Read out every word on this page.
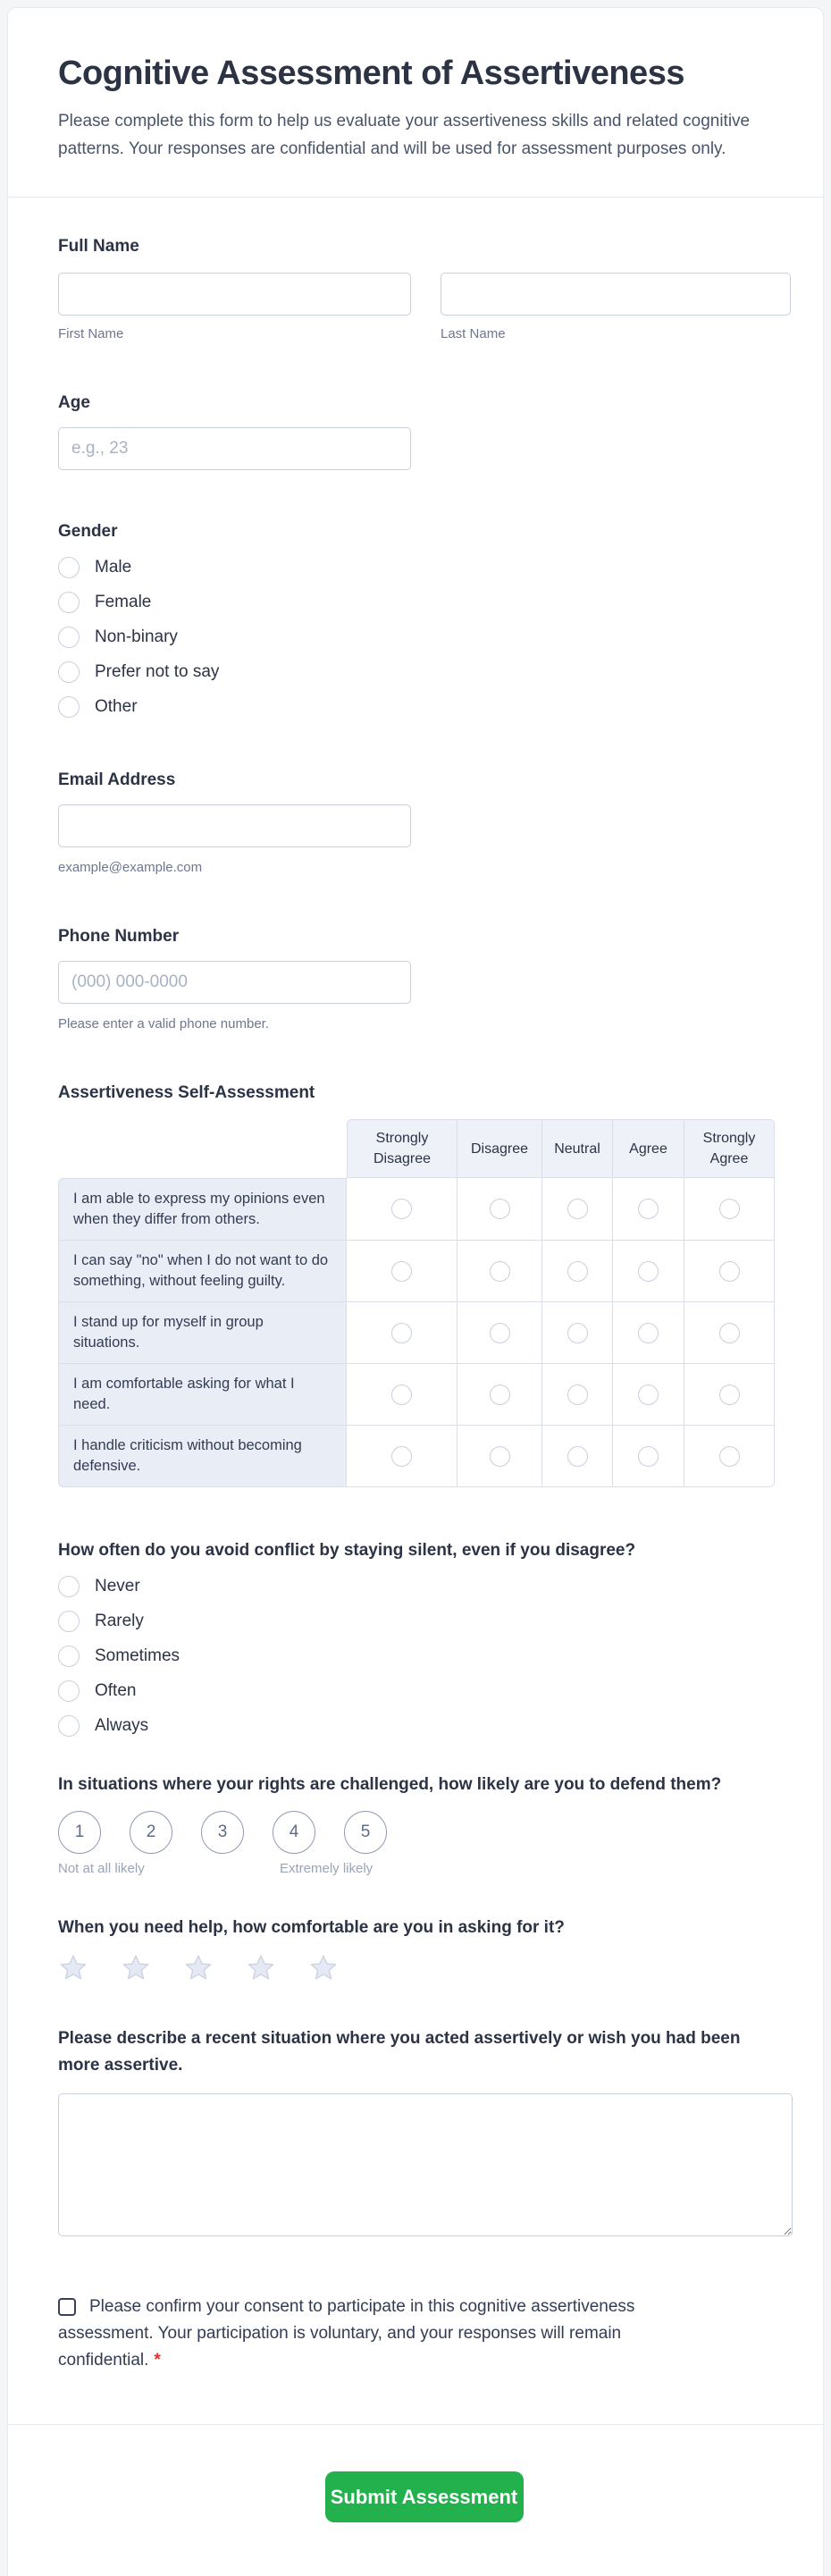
Cognitive Assessment of Assertiveness

Please complete this form to help us evaluate your assertiveness skills and related cognitive patterns. Your responses are confidential and will be used for assessment purposes only.

Full Name
First Name	Last Name
Age
e.g., 23
Gender
Male
Female
Non-binary
Prefer not to say
Other
Email Address
example@example.com
Phone Number
(000) 000-0000
Please enter a valid phone number.
Assertiveness Self-Assessment
	Strongly Disagree	Disagree	Neutral	Agree	Strongly Agree
I am able to express my opinions even when they differ from others.					
I can say "no" when I do not want to do something, without feeling guilty.					
I stand up for myself in group situations.					
I am comfortable asking for what I need.					
I handle criticism without becoming defensive.					
How often do you avoid conflict by staying silent, even if you disagree?
Never
Rarely
Sometimes
Often
Always
In situations where your rights are challenged, how likely are you to defend them?
1	2	3	4	5
Not at all likely	Extremely likely
When you need help, how comfortable are you in asking for it?
Please describe a recent situation where you acted assertively or wish you had been more assertive.
Please confirm your consent to participate in this cognitive assertiveness assessment. Your participation is voluntary, and your responses will remain confidential. *
Submit Assessment
